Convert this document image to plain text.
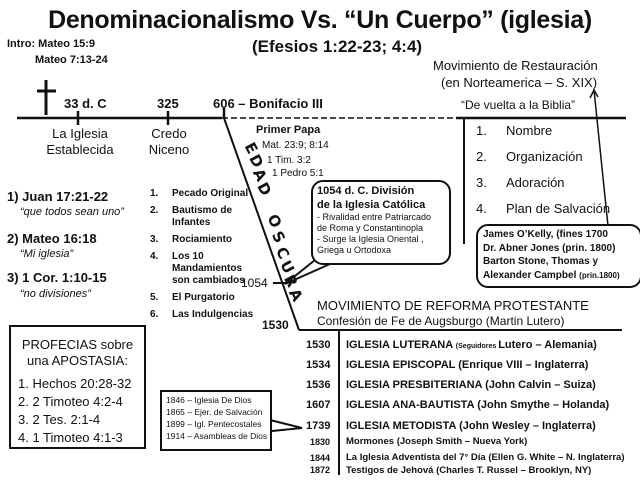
Denominacionalismo Vs. “Un Cuerpo” (iglesia)
(Efesios 1:22-23; 4:4)
Intro: Mateo 15:9
Mateo 7:13-24
33 d. C	325	606 – Bonifacio III
La Iglesia
Establecida
Credo
Niceno
Primer Papa
Mat. 23:9; 8:14
1 Tim. 3:2
1 Pedro 5:1
E
D
A
D
O
S
C
U
R
A
1054
1530
1) Juan 17:21-22
“que todos sean uno”
2) Mateo 16:18
“Mi iglesia”
3) 1 Cor. 1:10-15
“no divisiones”
1. Pecado Original
2. Bautismo de Infantes
3. Rociamiento
4. Los 10 Mandamientos son cambiados
5. El Purgatorio
6. Las Indulgencias
1054 d. C. División
de la Iglesia Católica
- Rivalidad entre Patriarcado
de Roma y Constantinopla
- Surge la Iglesia Oriental ,
Griega u Ortodoxa
PROFECIAS sobre
una APOSTASIA:
1. Hechos 20:28-32
2. 2 Timoteo 4:2-4
3. 2 Tes. 2:1-4
4. 1 Timoteo 4:1-3
Movimiento de Restauración
(en Norteamerica – S. XIX)
“De vuelta a la Biblia”
1. Nombre
2. Organización
3. Adoración
4. Plan de Salvación
James O’Kelly, (fines 1700
Dr. Abner Jones (prin. 1800)
Barton Stone, Thomas y
Alexander Campbel (prin.1800)
MOVIMIENTO DE REFORMA PROTESTANTE
Confesión de Fe de Augsburgo (Martin Lutero)
1530 IGLESIA LUTERANA (Seguidores Lutero – Alemania)
1534 IGLESIA EPISCOPAL (Enrique VIII – Inglaterra)
1536 IGLESIA PRESBITERIANA (John Calvin – Suiza)
1607 IGLESIA ANA-BAUTISTA (John Smythe – Holanda)
1739 IGLESIA METODISTA (John Wesley – Inglaterra)
1830 Mormones (Joseph Smith – Nueva York)
1844 La Iglesia Adventista del 7° Día (Ellen G. White – N. Inglaterra)
1872 Testigos de Jehová (Charles T. Russel – Brooklyn, NY)
1846 – Iglesia De Dios
1865 – Ejer. de Salvación
1899 – Igl. Pentecostales
1914 – Asambleas de Dios
